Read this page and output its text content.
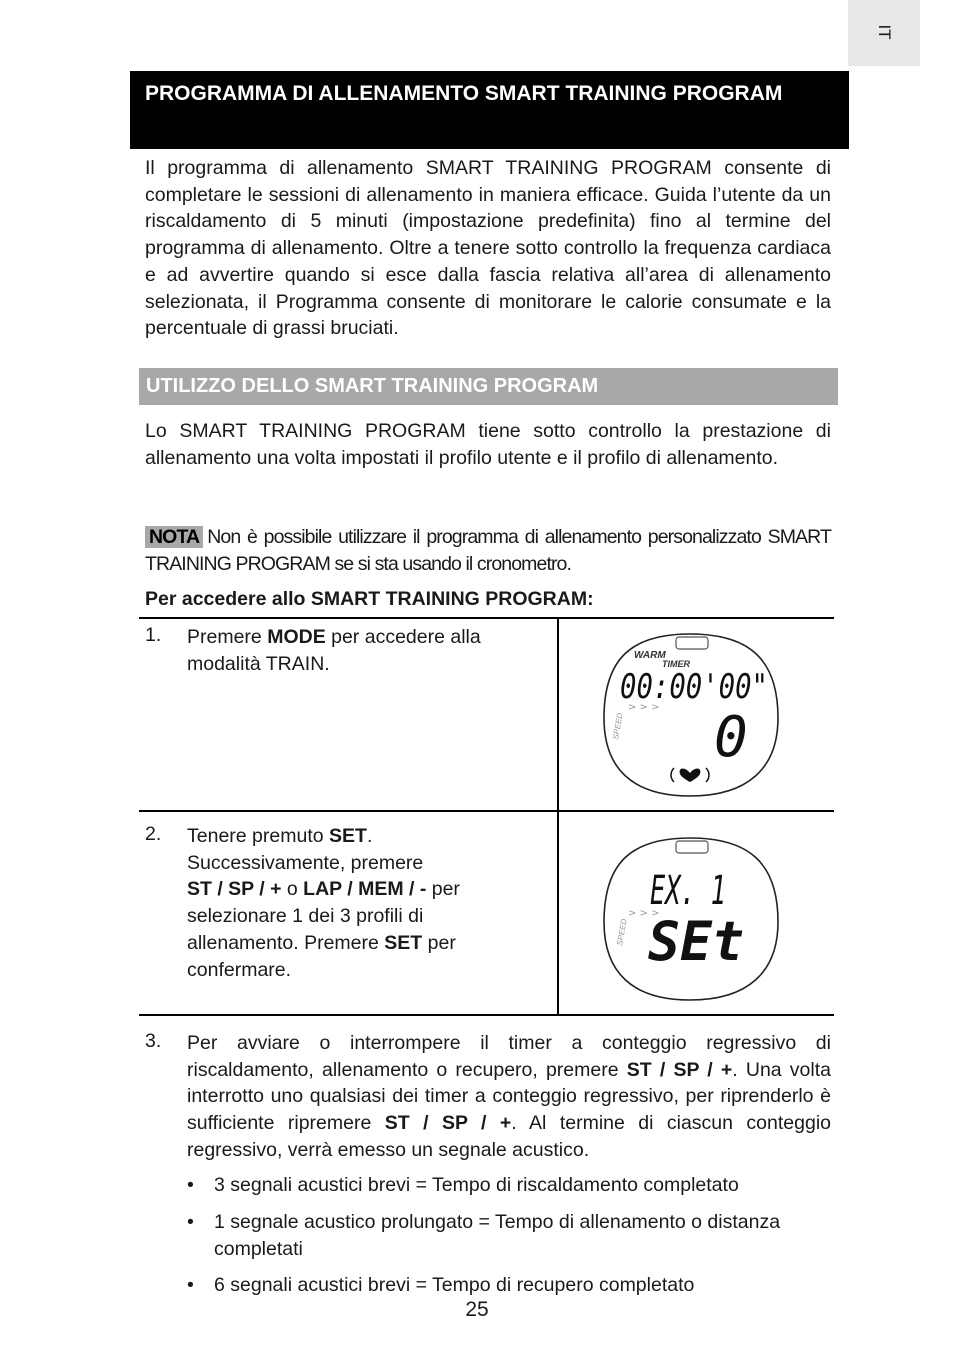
IT
PROGRAMMA DI ALLENAMENTO SMART TRAINING PROGRAM

Il programma di allenamento SMART TRAINING PROGRAM consente di completare le sessioni di allenamento in maniera efficace. Guida l’utente da un riscaldamento di 5 minuti (impostazione predefinita) fino al termine del programma di allenamento. Oltre a tenere sotto controllo la frequenza cardiaca e ad avvertire quando si esce dalla fascia relativa all’area di allenamento selezionata, il Programma consente di monitorare le calorie consumate e la percentuale di grassi bruciati.

UTILIZZO DELLO SMART TRAINING PROGRAM

Lo SMART TRAINING PROGRAM tiene sotto controllo la prestazione di allenamento una volta impostati il profilo utente e il profilo di allenamento.

NOTA Non è possibile utilizzare il programma di allenamento personalizzato SMART TRAINING PROGRAM se si sta usando il cronometro.

Per accedere allo SMART TRAINING PROGRAM:
1. Premere MODE per accedere alla
modalità TRAIN.	WARM
TIMER
00:00'00"
> > >
SPEED 0
2. Tenere premuto SET.
Successivamente, premere
ST / SP / + o LAP / MEM / - per
selezionare 1 dei 3 profili di
allenamento. Premere SET per
confermare.
EX. 1
> > >
SPEED SEt
3. Per avviare o interrompere il timer a conteggio regressivo di riscaldamento, allenamento o recupero, premere ST / SP / +. Una volta interrotto uno qualsiasi dei timer a conteggio regressivo, per riprenderlo è sufficiente ripremere ST / SP / +. Al termine di ciascun conteggio regressivo, verrà emesso un segnale acustico.

• 3 segnali acustici brevi = Tempo di riscaldamento completato
• 1 segnale acustico prolungato = Tempo di allenamento o distanza completati
• 6 segnali acustici brevi = Tempo di recupero completato
25
